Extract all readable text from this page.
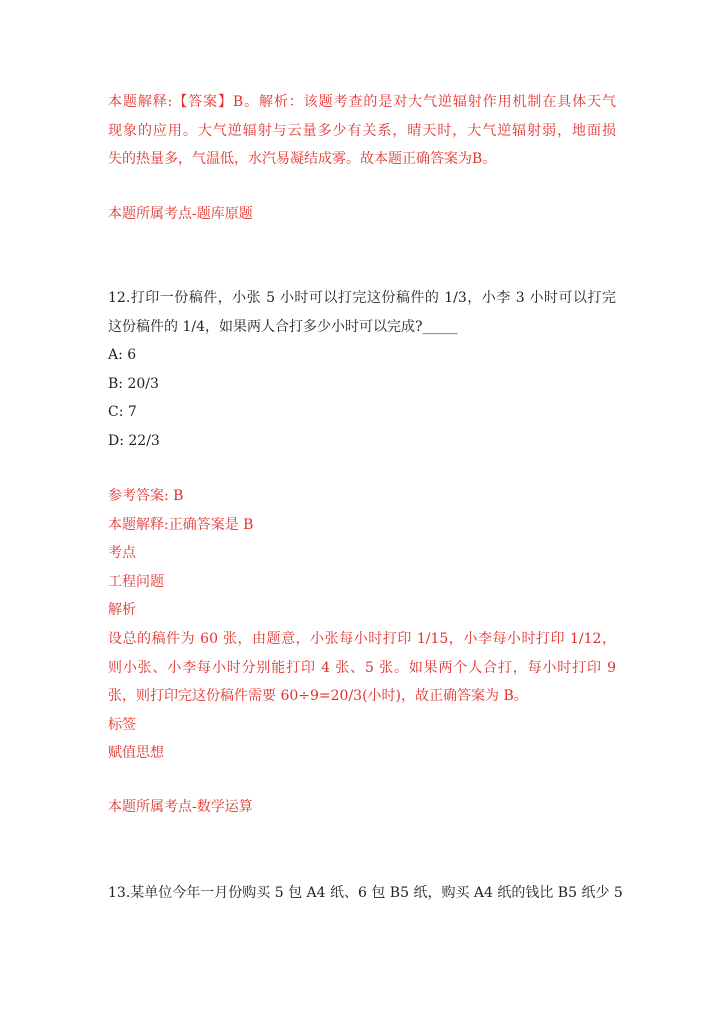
本题解释:【答案】B。解析：该题考查的是对大气逆辐射作用机制在具体天气
现象的应用。大气逆辐射与云量多少有关系，晴天时，大气逆辐射弱，地面损
失的热量多，气温低，水汽易凝结成雾。故本题正确答案为B。
本题所属考点-题库原题
12.打印一份稿件，小张 5 小时可以打完这份稿件的 1/3，小李 3 小时可以打完
这份稿件的 1/4，如果两人合打多少小时可以完成?_____
A: 6
B: 20/3
C: 7
D: 22/3
参考答案: B
本题解释:正确答案是 B
考点
工程问题
解析
设总的稿件为 60 张，由题意，小张每小时打印 1/15，小李每小时打印 1/12，
则小张、小李每小时分别能打印 4 张、5 张。如果两个人合打，每小时打印 9
张，则打印完这份稿件需要 60÷9=20/3(小时)，故正确答案为 B。
标签
赋值思想
本题所属考点-数学运算
13.某单位今年一月份购买 5 包 A4 纸、6 包 B5 纸，购买 A4 纸的钱比 B5 纸少 5
